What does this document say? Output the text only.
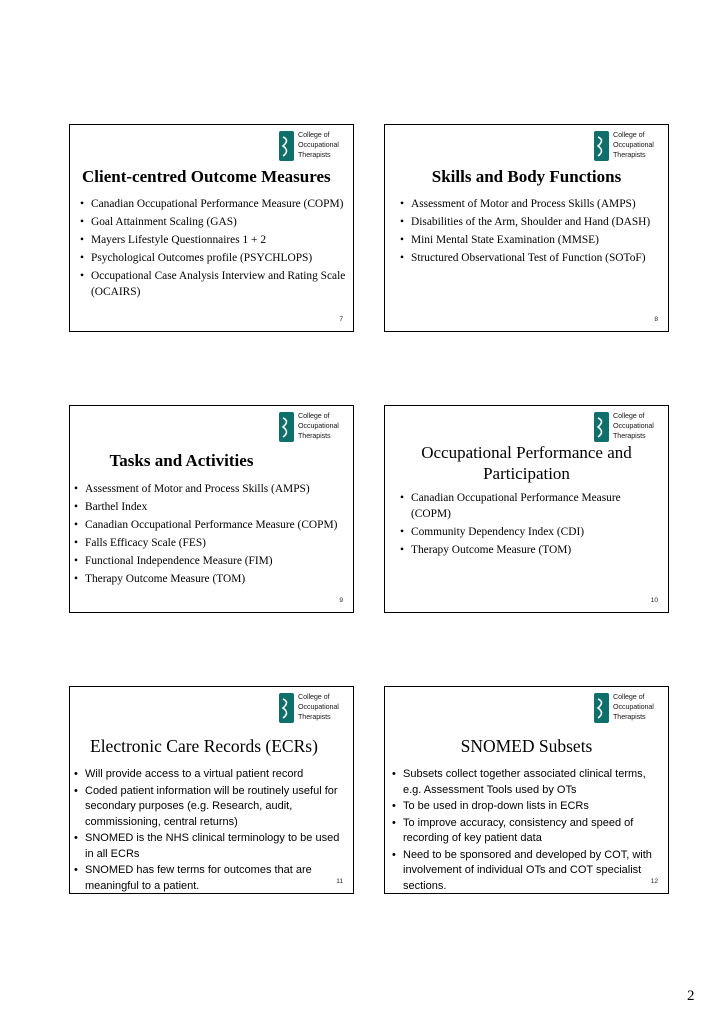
College of
Occupational
Therapists
Client-centred Outcome Measures
• Canadian Occupational Performance Measure (COPM)
• Goal Attainment Scaling (GAS)
• Mayers Lifestyle Questionnaires 1 + 2
• Psychological Outcomes profile (PSYCHLOPS)
• Occupational Case Analysis Interview and Rating Scale (OCAIRS)
7
College of
Occupational
Therapists
Skills and Body Functions
• Assessment of Motor and Process Skills (AMPS)
• Disabilities of the Arm, Shoulder and Hand (DASH)
• Mini Mental State Examination (MMSE)
• Structured Observational Test of Function (SOToF)
8
College of
Occupational
Therapists
Tasks and Activities
• Assessment of Motor and Process Skills (AMPS)
• Barthel Index
• Canadian Occupational Performance Measure (COPM)
• Falls Efficacy Scale (FES)
• Functional Independence Measure (FIM)
• Therapy Outcome Measure (TOM)
9
College of
Occupational
Therapists
Occupational Performance and Participation
• Canadian Occupational Performance Measure (COPM)
• Community Dependency Index (CDI)
• Therapy Outcome Measure (TOM)
10
College of
Occupational
Therapists
Electronic Care Records (ECRs)
• Will provide access to a virtual patient record
• Coded patient information will be routinely useful for secondary purposes (e.g. Research, audit, commissioning, central returns)
• SNOMED is the NHS clinical terminology to be used in all ECRs
• SNOMED has few terms for outcomes that are meaningful to a patient.	11
College of
Occupational
Therapists
SNOMED Subsets
• Subsets collect together associated clinical terms, e.g. Assessment Tools used by OTs
• To be used in drop-down lists in ECRs
• To improve accuracy, consistency and speed of recording of key patient data
• Need to be sponsored and developed by COT, with involvement of individual OTs and COT specialist sections.	12
2
